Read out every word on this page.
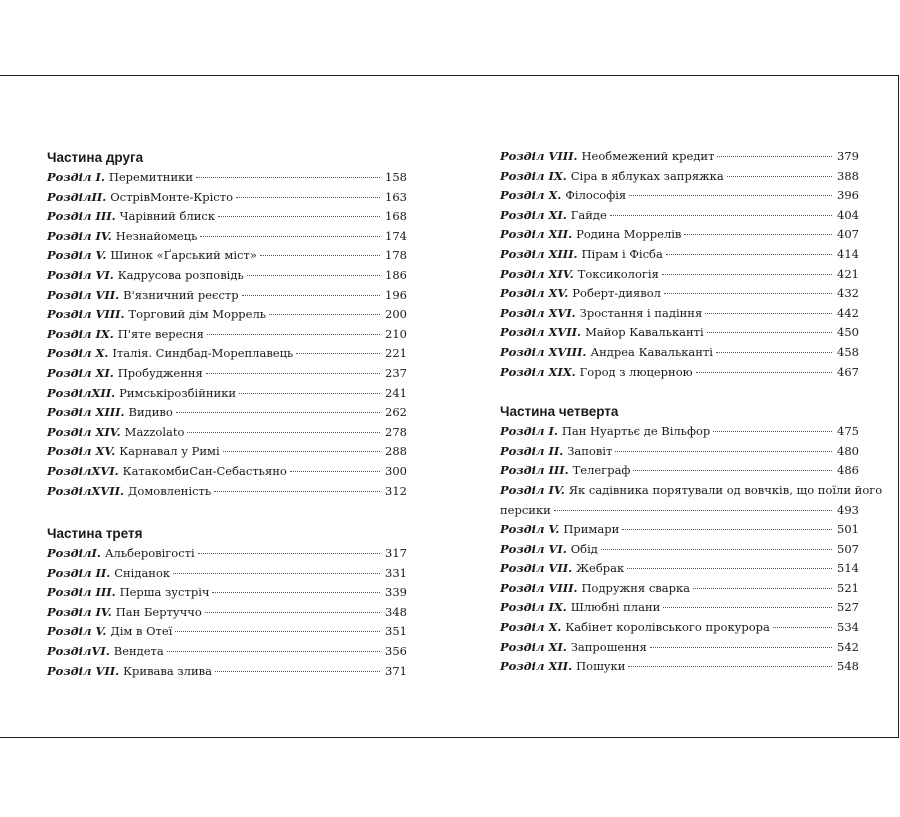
Частина друга
Розділ I. Перемитники	158
РозділII. ОстрівМонте-Крісто	163
Розділ III. Чарівний блиск	168
Розділ IV. Незнайомець	174
Розділ V. Шинок «Ґарський міст»	178
Розділ VI. Кадрусова розповідь	186
Розділ VII. В'язничний реєстр	196
Розділ VIII. Торговий дім Моррель	200
Розділ IX. П'яте вересня	210
Розділ X. Італія. Синдбад-Мореплавець	221
Розділ XI. Пробудження	237
РозділXII. Римськірозбійники	241
Розділ XIII. Видиво	262
Розділ XIV. Mazzolato	278
Розділ XV. Карнавал у Римі	288
РозділXVI. КатакомбиСан-Себастьяно	300
РозділXVII. Домовленість	312
Частина третя
РозділI. Альберовігості	317
Розділ II. Сніданок	331
Розділ III. Перша зустріч	339
Розділ IV. Пан Бертуччо	348
Розділ V. Дім в Отеї	351
РозділVI. Вендета	356
Розділ VII. Кривава злива	371
Розділ VIII. Необмежений кредит	379
Розділ IX. Сіра в яблуках запряжка	388
Розділ X. Філософія	396
Розділ XI. Гайде	404
Розділ XII. Родина Моррелів	407
Розділ XIII. Пірам і Фісба	414
Розділ XIV. Токсикологія	421
Розділ XV. Роберт-диявол	432
Розділ XVI. Зростання і падіння	442
Розділ XVII. Майор Кавальканті	450
Розділ XVIII. Андреа Кавальканті	458
Розділ XIX. Город з люцерною	467
Частина четверта
Розділ I. Пан Нуартьє де Вільфор	475
Розділ II. Заповіт	480
Розділ III. Телеграф	486
Розділ IV. Як садівника порятували од вовчків, що поїли його
персики	493
Розділ V. Примари	501
Розділ VI. Обід	507
Розділ VII. Жебрак	514
Розділ VIII. Подружня сварка	521
Розділ IX. Шлюбні плани	527
Розділ X. Кабінет королівського прокурора	534
Розділ XI. Запрошення	542
Розділ XII. Пошуки	548
